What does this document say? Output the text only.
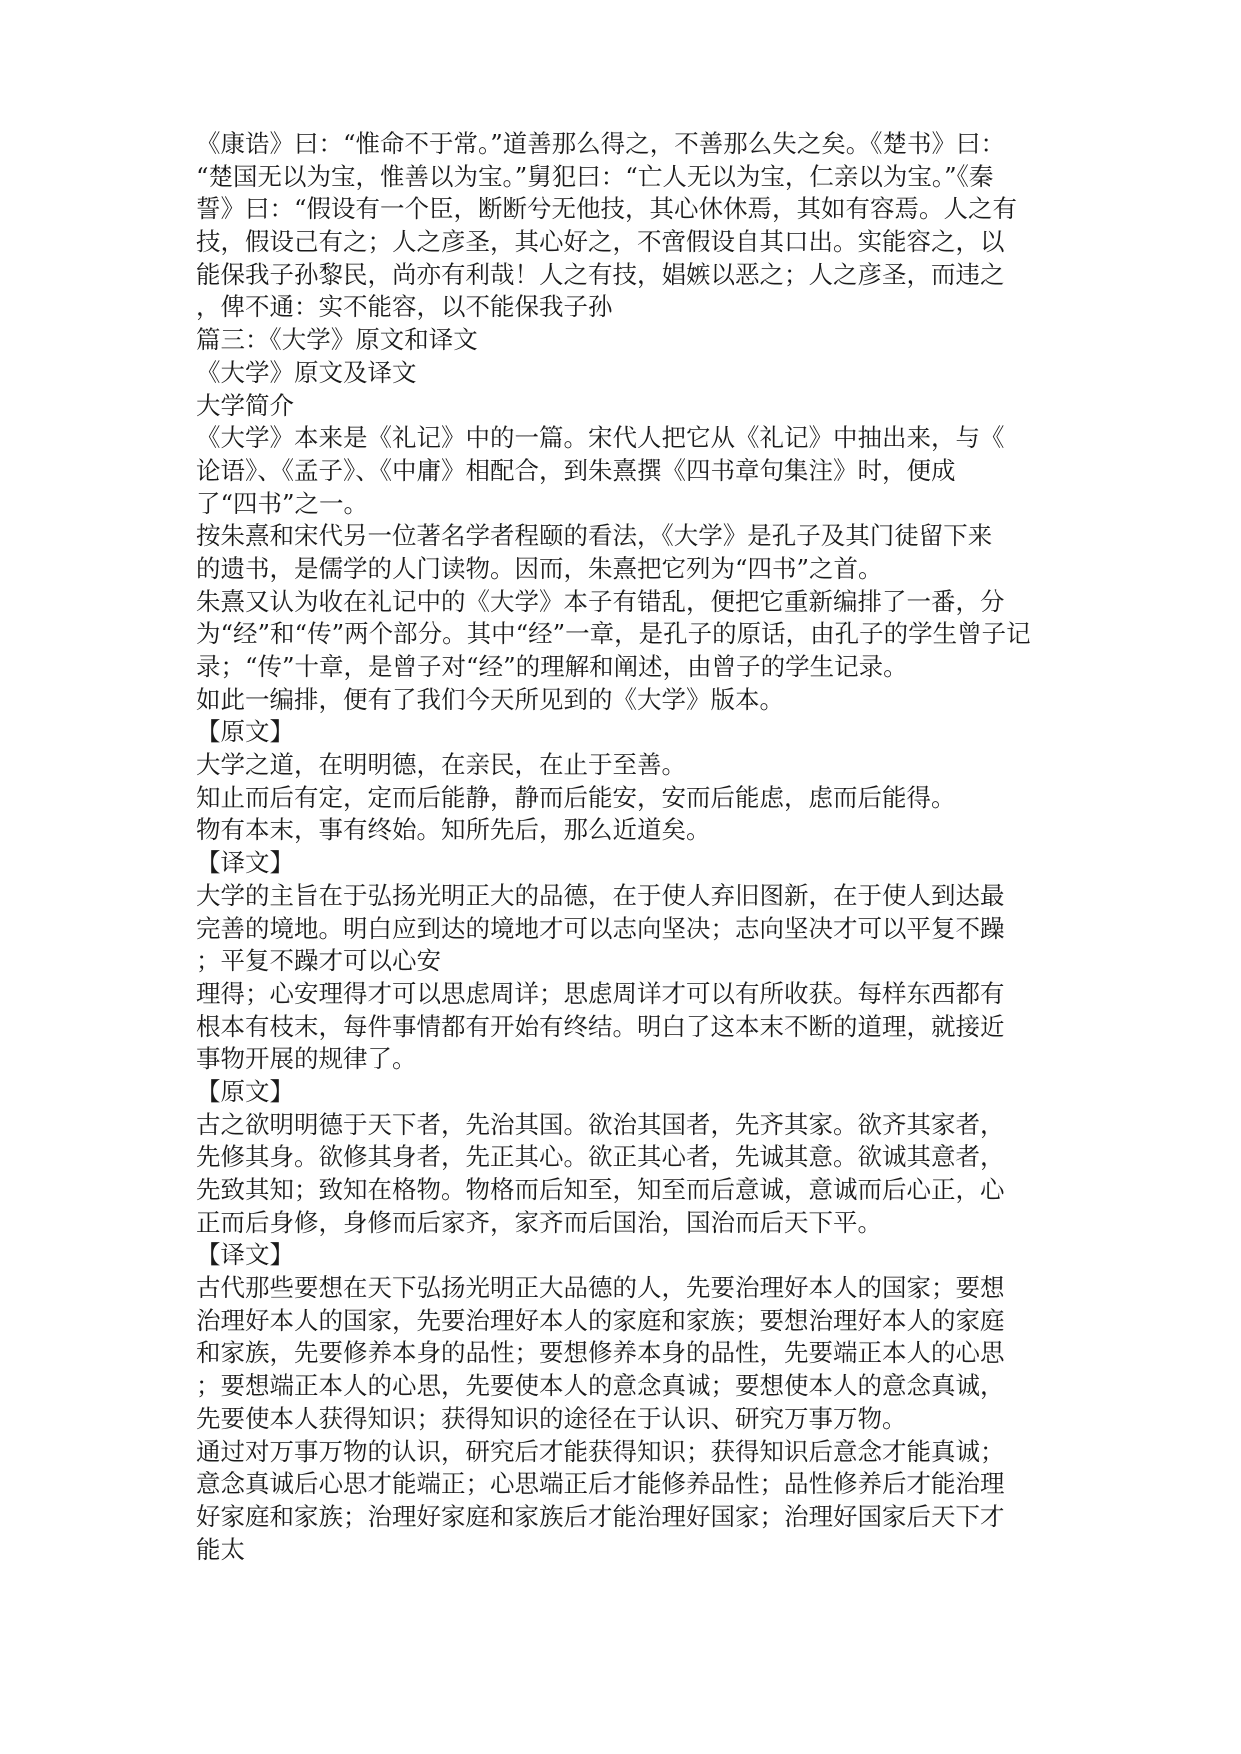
《康诰》曰：“惟命不于常。”道善那么得之，不善那么失之矣。《楚书》曰：
“楚国无以为宝，惟善以为宝。”舅犯曰：“亡人无以为宝，仁亲以为宝。”《秦
誓》曰：“假设有一个臣，断断兮无他技，其心休休焉，其如有容焉。人之有
技，假设己有之；人之彦圣，其心好之，不啻假设自其口出。实能容之，以
能保我子孙黎民，尚亦有利哉！人之有技，娼嫉以恶之；人之彦圣，而违之
，俾不通：实不能容，以不能保我子孙
篇三：《大学》原文和译文
《大学》原文及译文
大学简介
《大学》本来是《礼记》中的一篇。宋代人把它从《礼记》中抽出来，与《
论语》、《孟子》、《中庸》相配合，到朱熹撰《四书章句集注》时，便成
了“四书”之一。
按朱熹和宋代另一位著名学者程颐的看法，《大学》是孔子及其门徒留下来
的遗书，是儒学的人门读物。因而，朱熹把它列为“四书”之首。
朱熹又认为收在礼记中的《大学》本子有错乱，便把它重新编排了一番，分
为“经”和“传”两个部分。其中“经”一章，是孔子的原话，由孔子的学生曾子记
录；“传”十章，是曾子对“经”的理解和阐述，由曾子的学生记录。
如此一编排，便有了我们今天所见到的《大学》版本。
【原文】
大学之道，在明明德，在亲民，在止于至善。
知止而后有定，定而后能静，静而后能安，安而后能虑，虑而后能得。
物有本末，事有终始。知所先后，那么近道矣。
【译文】
大学的主旨在于弘扬光明正大的品德，在于使人弃旧图新，在于使人到达最
完善的境地。明白应到达的境地才可以志向坚决；志向坚决才可以平复不躁
；平复不躁才可以心安
理得；心安理得才可以思虑周详；思虑周详才可以有所收获。每样东西都有
根本有枝末，每件事情都有开始有终结。明白了这本末不断的道理，就接近
事物开展的规律了。
【原文】
古之欲明明德于天下者，先治其国。欲治其国者，先齐其家。欲齐其家者，
先修其身。欲修其身者，先正其心。欲正其心者，先诚其意。欲诚其意者，
先致其知；致知在格物。物格而后知至，知至而后意诚，意诚而后心正，心
正而后身修，身修而后家齐，家齐而后国治，国治而后天下平。
【译文】
古代那些要想在天下弘扬光明正大品德的人，先要治理好本人的国家；要想
治理好本人的国家，先要治理好本人的家庭和家族；要想治理好本人的家庭
和家族，先要修养本身的品性；要想修养本身的品性，先要端正本人的心思
；要想端正本人的心思，先要使本人的意念真诚；要想使本人的意念真诚，
先要使本人获得知识；获得知识的途径在于认识、研究万事万物。
通过对万事万物的认识，研究后才能获得知识；获得知识后意念才能真诚；
意念真诚后心思才能端正；心思端正后才能修养品性；品性修养后才能治理
好家庭和家族；治理好家庭和家族后才能治理好国家；治理好国家后天下才
能太
